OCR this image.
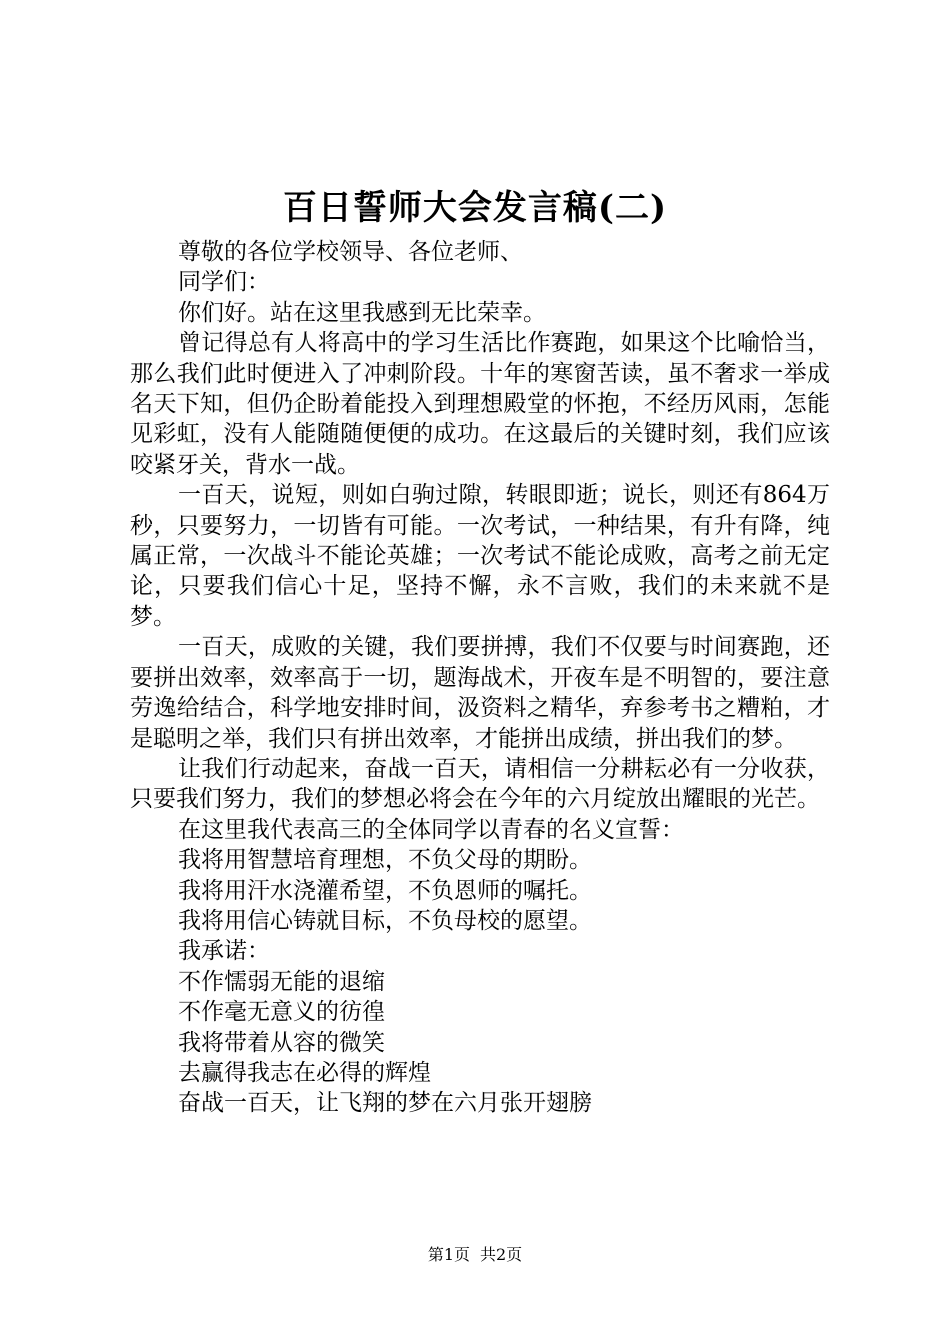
百日誓师大会发言稿(二)

尊敬的各位学校领导、各位老师、

同学们：

你们好。站在这里我感到无比荣幸。

曾记得总有人将高中的学习生活比作赛跑，如果这个比喻恰当，那么我们此时便进入了冲刺阶段。十年的寒窗苦读，虽不奢求一举成名天下知，但仍企盼着能投入到理想殿堂的怀抱，不经历风雨，怎能见彩虹，没有人能随随便便的成功。在这最后的关键时刻，我们应该咬紧牙关，背水一战。

一百天，说短，则如白驹过隙，转眼即逝；说长，则还有864万秒，只要努力，一切皆有可能。一次考试，一种结果，有升有降，纯属正常，一次战斗不能论英雄；一次考试不能论成败，高考之前无定论，只要我们信心十足，坚持不懈，永不言败，我们的未来就不是梦。

一百天，成败的关键，我们要拼搏，我们不仅要与时间赛跑，还要拼出效率，效率高于一切，题海战术，开夜车是不明智的，要注意劳逸给结合，科学地安排时间，汲资料之精华，弃参考书之糟粕，才是聪明之举，我们只有拼出效率，才能拼出成绩，拼出我们的梦。

让我们行动起来，奋战一百天，请相信一分耕耘必有一分收获，只要我们努力，我们的梦想必将会在今年的六月绽放出耀眼的光芒。

在这里我代表高三的全体同学以青春的名义宣誓：

我将用智慧培育理想，不负父母的期盼。

我将用汗水浇灌希望，不负恩师的嘱托。

我将用信心铸就目标，不负母校的愿望。

我承诺：

不作懦弱无能的退缩

不作毫无意义的彷徨

我将带着从容的微笑

去赢得我志在必得的辉煌

奋战一百天，让飞翔的梦在六月张开翅膀

第1页 共2页
